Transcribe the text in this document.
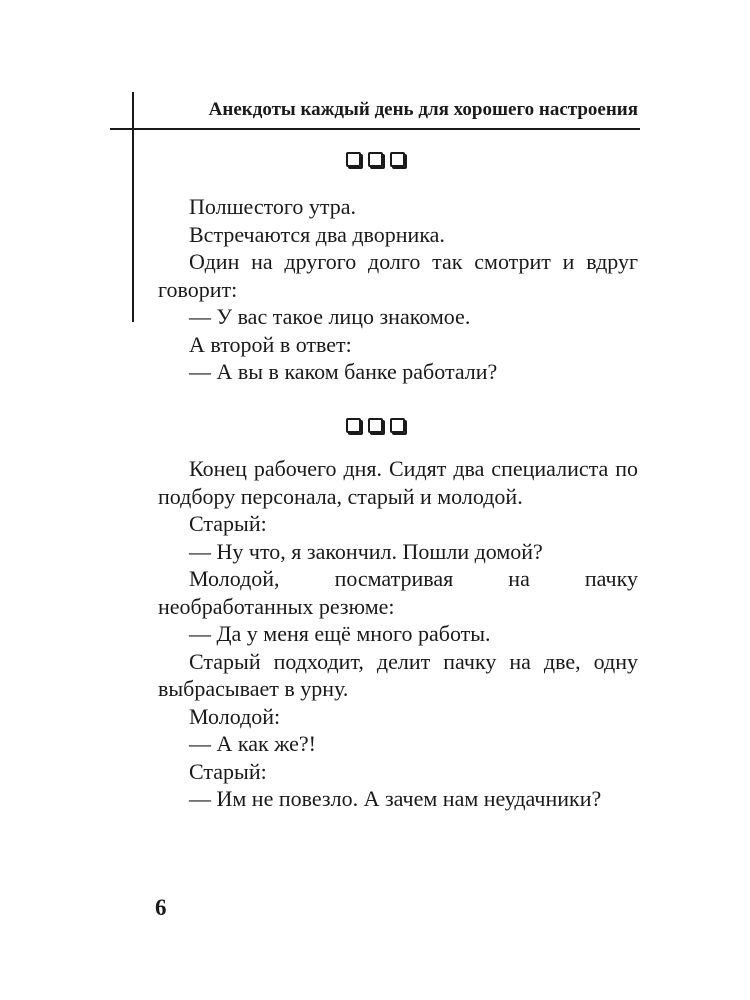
Анекдоты каждый день для хорошего настроения

Полшестого утра.

Встречаются два дворника.

Один на другого долго так смотрит и вдруг говорит:

— У вас такое лицо знакомое.

А второй в ответ:

— А вы в каком банке работали?

Конец рабочего дня. Сидят два специалиста по подбору персонала, старый и молодой.

Старый:

— Ну что, я закончил. Пошли домой?

Молодой, посматривая на пачку необработанных резюме:

— Да у меня ещё много работы.

Старый подходит, делит пачку на две, одну выбрасывает в урну.

Молодой:

— А как же?!

Старый:

— Им не повезло. А зачем нам неудачники?

6
